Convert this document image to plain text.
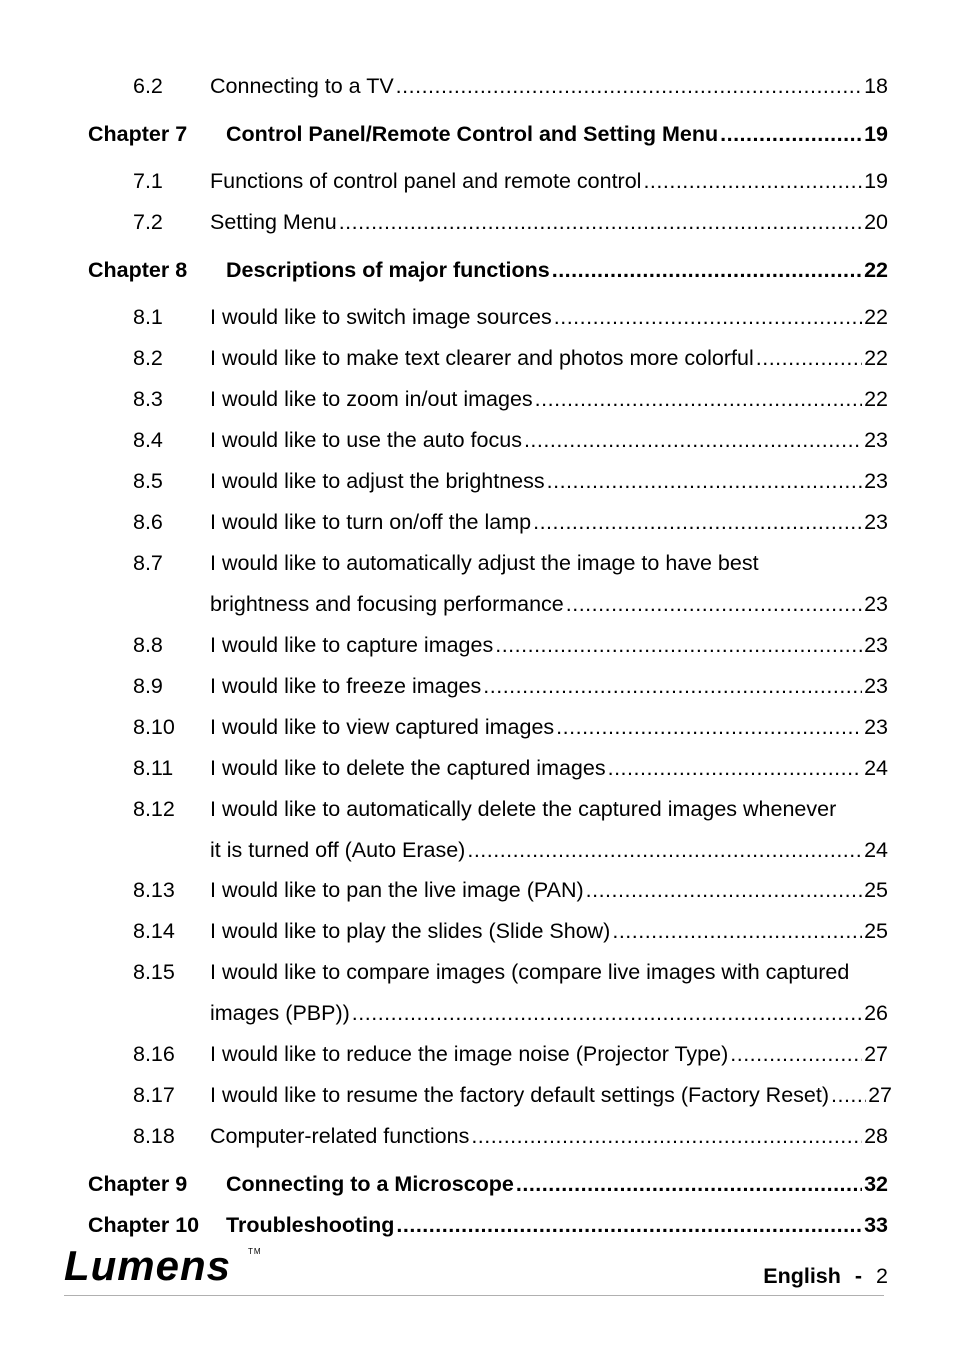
6.2 Connecting to a TV .....	18
Chapter 7 Control Panel/Remote Control and Setting Menu .....	19
7.1 Functions of control panel and remote control .....	19
7.2 Setting Menu .....	20
Chapter 8 Descriptions of major functions .....	22
8.1 I would like to switch image sources .....	22
8.2 I would like to make text clearer and photos more colorful .....	22
8.3 I would like to zoom in/out images .....	22
8.4 I would like to use the auto focus .....	23
8.5 I would like to adjust the brightness .....	23
8.6 I would like to turn on/off the lamp .....	23
8.7 I would like to automatically adjust the image to have best
brightness and focusing performance .....	23
8.8 I would like to capture images .....	23
8.9 I would like to freeze images .....	23
8.10 I would like to view captured images .....	23
8.11 I would like to delete the captured images .....	24
8.12 I would like to automatically delete the captured images whenever
it is turned off (Auto Erase) .....	24
8.13 I would like to pan the live image (PAN) .....	25
8.14 I would like to play the slides (Slide Show) .....	25
8.15 I would like to compare images (compare live images with captured
images (PBP)) .....	26
8.16 I would like to reduce the image noise (Projector Type) .....	27
8.17 I would like to resume the factory default settings (Factory Reset) ..... 27
8.18 Computer-related functions .....	28
Chapter 9 Connecting to a Microscope .....	32
Chapter 10 Troubleshooting .....	33
Lumens TM
English - 2
